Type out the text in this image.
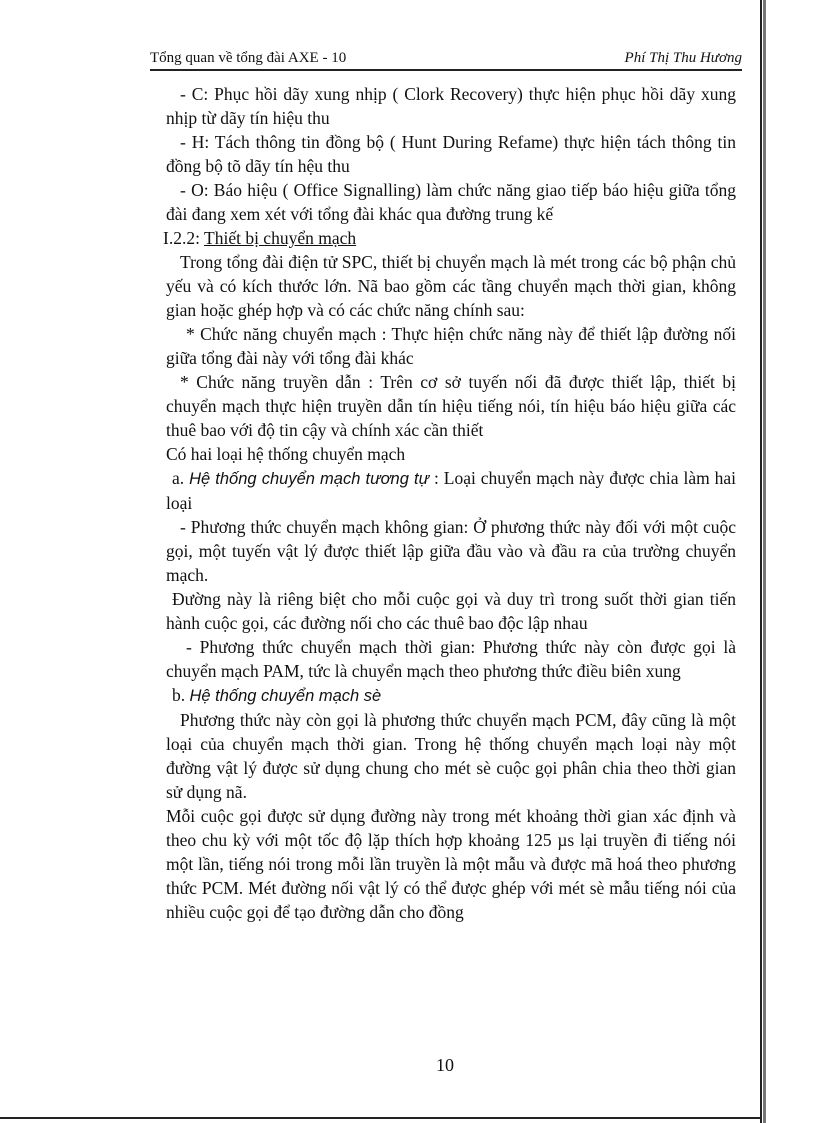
Tổng quan về tổng đài AXE - 10	Phí Thị Thu Hương

- C: Phục hồi dãy xung nhịp ( Clork Recovery) thực hiện phục hồi dãy xung nhịp từ dãy tín hiệu thu

- H: Tách thông tin đồng bộ ( Hunt During Refame) thực hiện tách thông tin đồng bộ tõ dãy tín hệu thu

- O: Báo hiệu ( Office Signalling) làm chức năng giao tiếp báo hiệu giữa tổng đài đang xem xét với tổng đài khác qua đường trung kế

I.2.2: Thiết bị chuyển mạch

Trong tổng đài điện tử SPC, thiết bị chuyển mạch là mét trong các bộ phận chủ yếu và có kích thước lớn. Nã bao gồm các tầng chuyển mạch thời gian, không gian hoặc ghép hợp và có các chức năng chính sau:

* Chức năng chuyển mạch : Thực hiện chức năng này để thiết lập đường nối giữa tổng đài này với tổng đài khác

* Chức năng truyền dẫn : Trên cơ sở tuyến nối đã được thiết lập, thiết bị chuyển mạch thực hiện truyền dẫn tín hiệu tiếng nói, tín hiệu báo hiệu giữa các thuê bao với độ tin cậy và chính xác cần thiết

Có hai loại hệ thống chuyển mạch

a. Hệ thống chuyển mạch tương tự : Loại chuyển mạch này được chia làm hai loại

- Phương thức chuyển mạch không gian: Ở phương thức này đối với một cuộc gọi, một tuyến vật lý được thiết lập giữa đầu vào và đầu ra của trường chuyển mạch.

Đường này là riêng biệt cho mỗi cuộc gọi và duy trì trong suốt thời gian tiến hành cuộc gọi, các đường nối cho các thuê bao độc lập nhau

- Phương thức chuyển mạch thời gian: Phương thức này còn được gọi là chuyển mạch PAM, tức là chuyển mạch theo phương thức điều biên xung

b. Hệ thống chuyển mạch sè

Phương thức này còn gọi là phương thức chuyển mạch PCM, đây cũng là một loại của chuyển mạch thời gian. Trong hệ thống chuyển mạch loại này một đường vật lý được sử dụng chung cho mét sè cuộc gọi phân chia theo thời gian sử dụng nã.

Mỗi cuộc gọi được sử dụng đường này trong mét khoảng thời gian xác định và theo chu kỳ với một tốc độ lặp thích hợp khoảng 125 µs lại truyền đi tiếng nói một lần, tiếng nói trong mỗi lần truyền là một mẫu và được mã hoá theo phương thức PCM. Mét đường nối vật lý có thể được ghép với mét sè mẫu tiếng nói của nhiều cuộc gọi để tạo đường dẫn cho đồng

10
